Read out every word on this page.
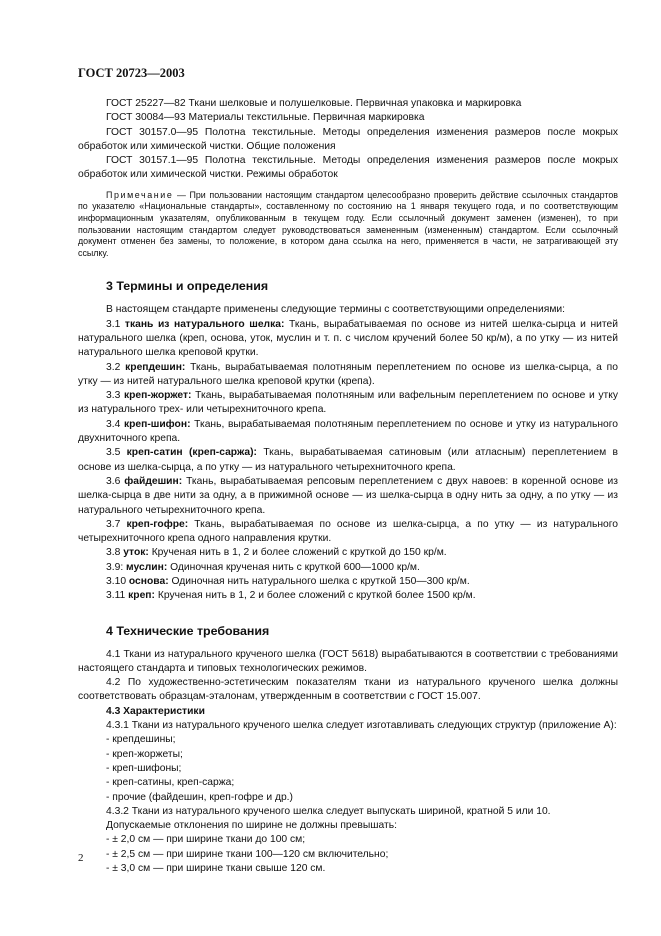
ГОСТ 20723—2003

ГОСТ 25227—82 Ткани шелковые и полушелковые. Первичная упаковка и маркировка

ГОСТ 30084—93 Материалы текстильные. Первичная маркировка

ГОСТ 30157.0—95 Полотна текстильные. Методы определения изменения размеров после мокрых обработок или химической чистки. Общие положения

ГОСТ 30157.1—95 Полотна текстильные. Методы определения изменения размеров после мокрых обработок или химической чистки. Режимы обработок

Примечание — При пользовании настоящим стандартом целесообразно проверить действие ссылочных стандартов по указателю «Национальные стандарты», составленному по состоянию на 1 января текущего года, и по соответствующим информационным указателям, опубликованным в текущем году. Если ссылочный документ заменен (изменен), то при пользовании настоящим стандартом следует руководствоваться замененным (измененным) стандартом. Если ссылочный документ отменен без замены, то положение, в котором дана ссылка на него, применяется в части, не затрагивающей эту ссылку.

3 Термины и определения

В настоящем стандарте применены следующие термины с соответствующими определениями:

3.1 ткань из натурального шелка: Ткань, вырабатываемая по основе из нитей шелка-сырца и нитей натурального шелка (креп, основа, уток, муслин и т. п. с числом кручений более 50 кр/м), а по утку — из нитей натурального шелка креповой крутки.

3.2 крепдешин: Ткань, вырабатываемая полотняным переплетением по основе из шелка-сырца, а по утку — из нитей натурального шелка креповой крутки (крепа).

3.3 креп-жоржет: Ткань, вырабатываемая полотняным или вафельным переплетением по основе и утку из натурального трех- или четырехниточного крепа.

3.4 креп-шифон: Ткань, вырабатываемая полотняным переплетением по основе и утку из натурального двухниточного крепа.

3.5 креп-сатин (креп-саржа): Ткань, вырабатываемая сатиновым (или атласным) переплетением в основе из шелка-сырца, а по утку — из натурального четырехниточного крепа.

3.6 файдешин: Ткань, вырабатываемая репсовым переплетением с двух навоев: в коренной основе из шелка-сырца в две нити за одну, а в прижимной основе — из шелка-сырца в одну нить за одну, а по утку — из натурального четырехниточного крепа.

3.7 креп-гофре: Ткань, вырабатываемая по основе из шелка-сырца, а по утку — из натурального четырехниточного крепа одного направления крутки.

3.8 уток: Крученая нить в 1, 2 и более сложений с круткой до 150 кр/м.

3.9: муслин: Одиночная крученая нить с круткой 600—1000 кр/м.

3.10 основа: Одиночная нить натурального шелка с круткой 150—300 кр/м.

3.11 креп: Крученая нить в 1, 2 и более сложений с круткой более 1500 кр/м.

4 Технические требования

4.1 Ткани из натурального крученого шелка (ГОСТ 5618) вырабатываются в соответствии с требованиями настоящего стандарта и типовых технологических режимов.

4.2 По художественно-эстетическим показателям ткани из натурального крученого шелка должны соответствовать образцам-эталонам, утвержденным в соответствии с ГОСТ 15.007.

4.3 Характеристики

4.3.1 Ткани из натурального крученого шелка следует изготавливать следующих структур (приложение А):

- крепдешины;
- креп-жоржеты;
- креп-шифоны;
- креп-сатины, креп-саржа;
- прочие (файдешин, креп-гофре и др.)

4.3.2 Ткани из натурального крученого шелка следует выпускать шириной, кратной 5 или 10.

Допускаемые отклонения по ширине не должны превышать:

- ± 2,0 см — при ширине ткани до 100 см;
- ± 2,5 см — при ширине ткани 100—120 см включительно;
- ± 3,0 см — при ширине ткани свыше 120 см.
2
